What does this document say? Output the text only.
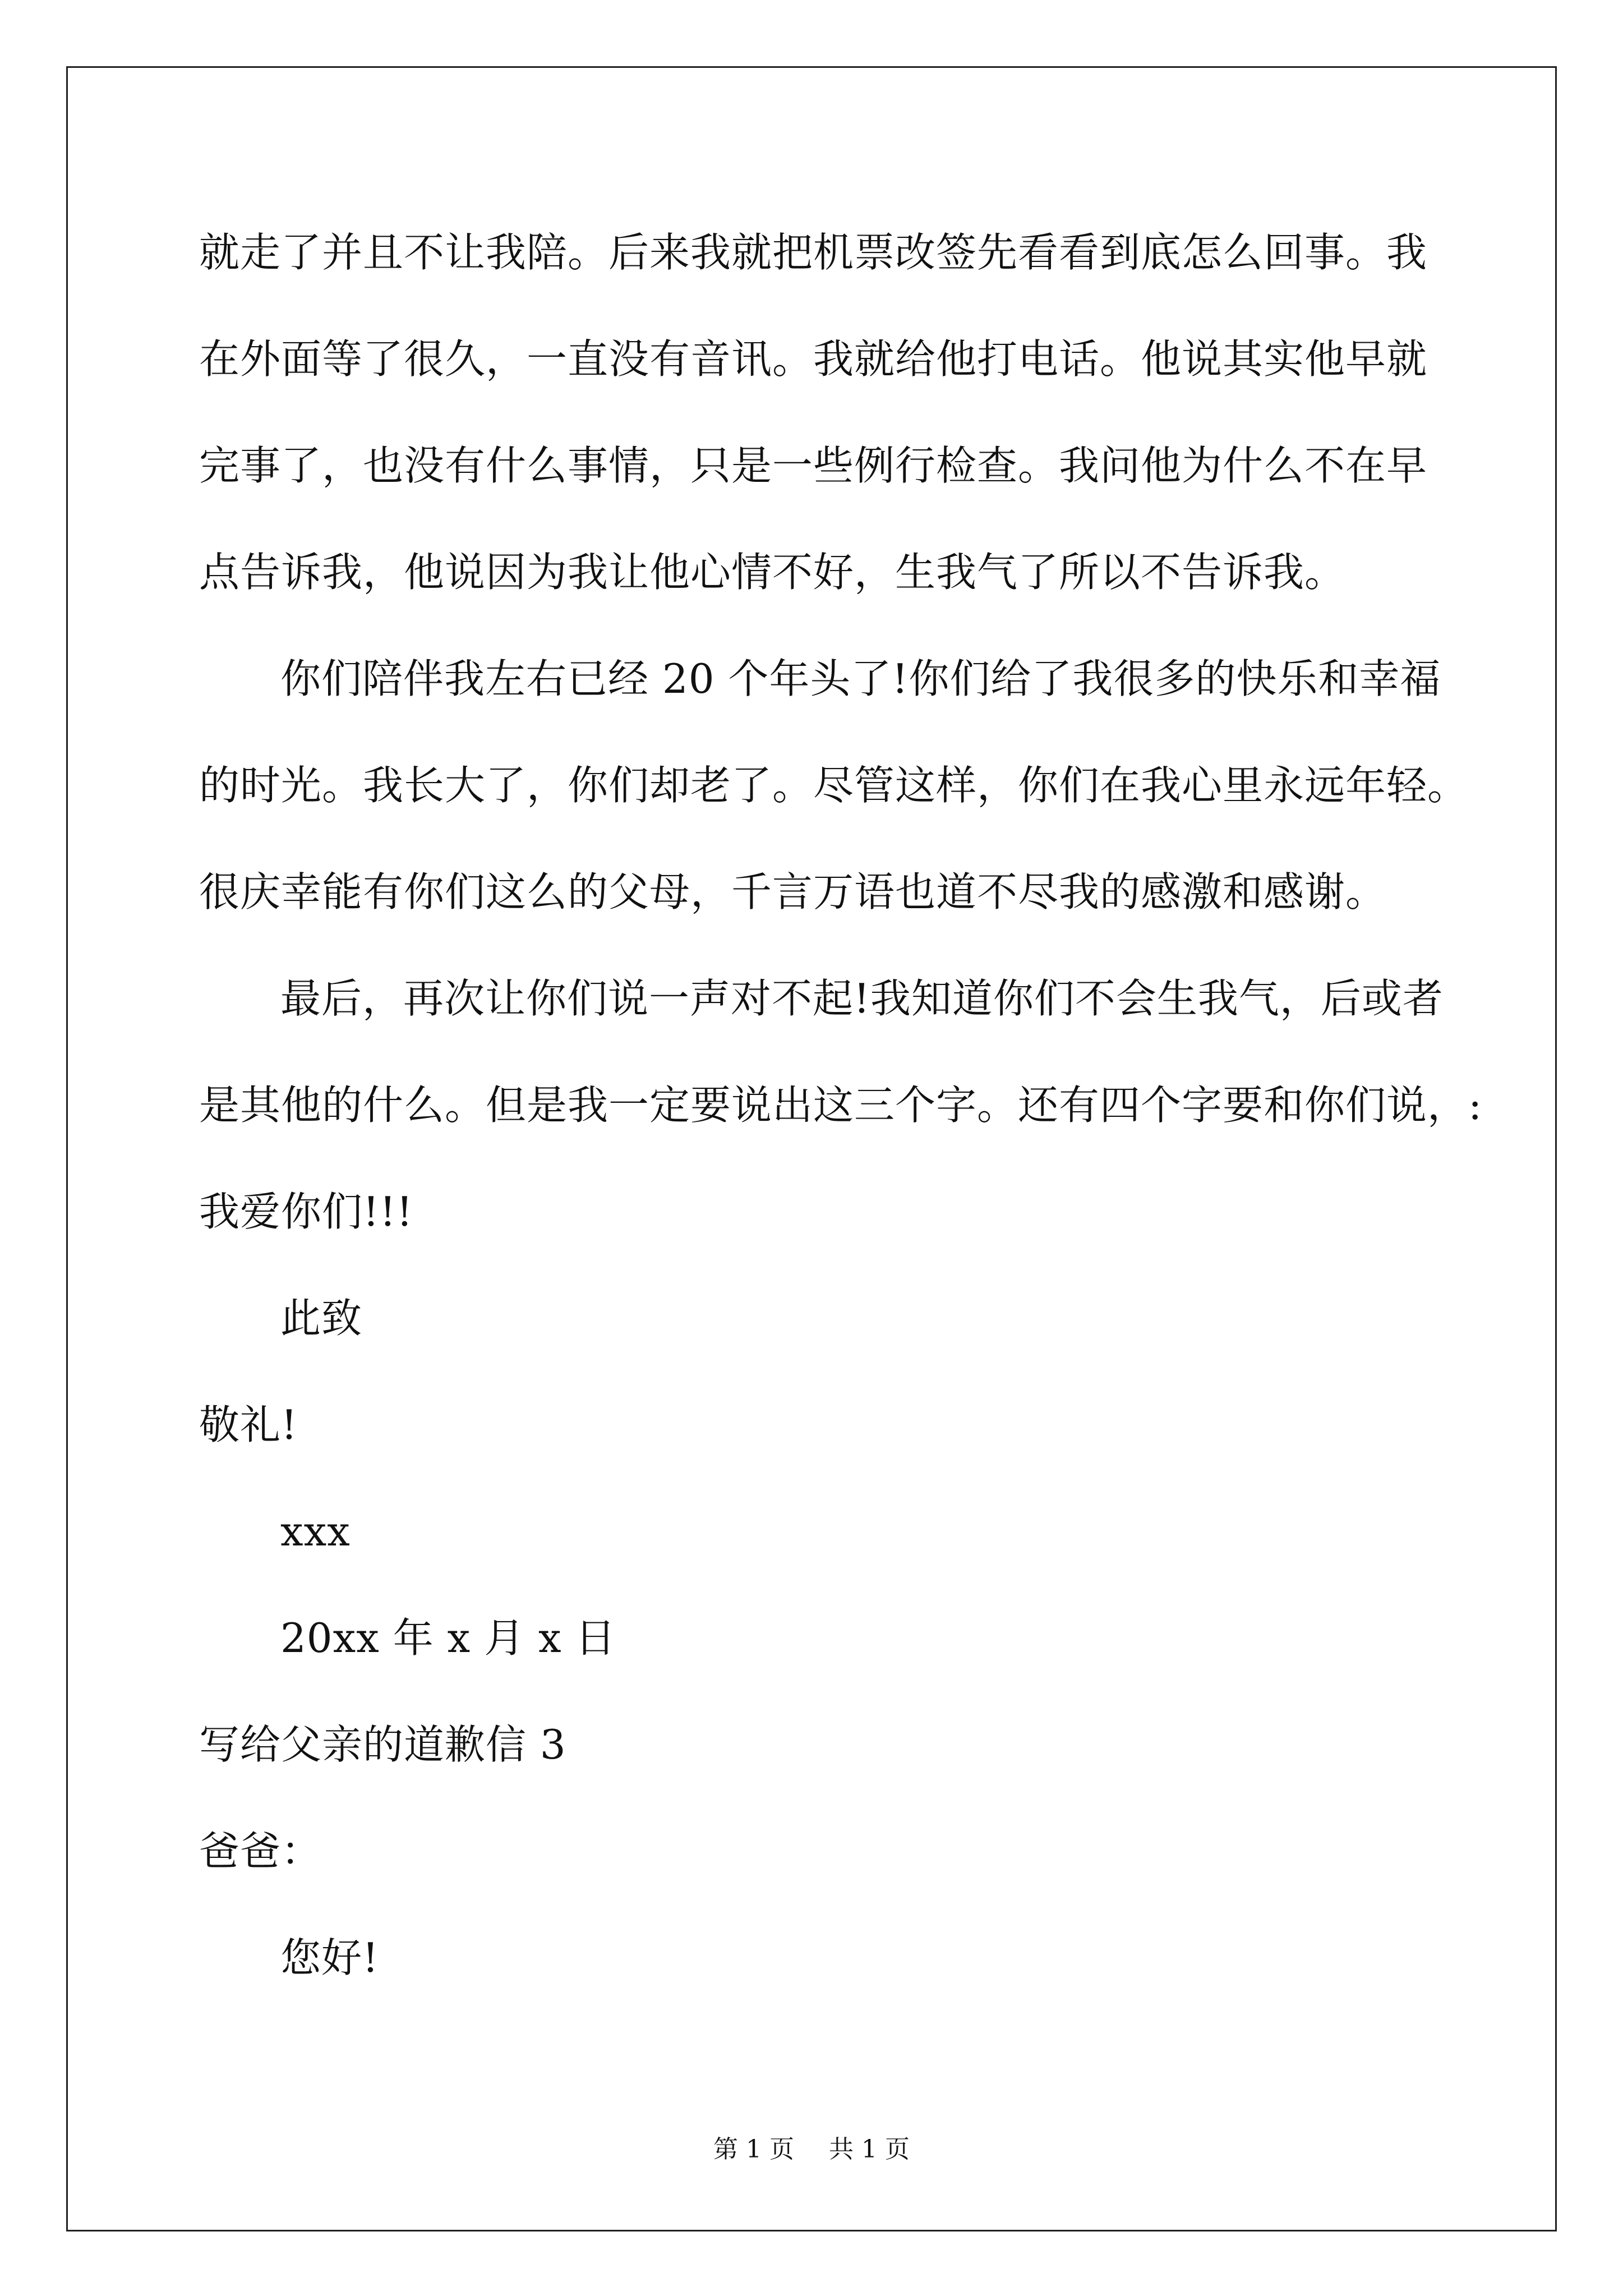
就走了并且不让我陪。后来我就把机票改签先看看到底怎么回事。我
在外面等了很久，一直没有音讯。我就给他打电话。他说其实他早就
完事了，也没有什么事情，只是一些例行检查。我问他为什么不在早
点告诉我，他说因为我让他心情不好，生我气了所以不告诉我。
你们陪伴我左右已经 20 个年头了!你们给了我很多的快乐和幸福
的时光。我长大了，你们却老了。尽管这样，你们在我心里永远年轻。
很庆幸能有你们这么的父母，千言万语也道不尽我的感激和感谢。
最后，再次让你们说一声对不起!我知道你们不会生我气，后或者
是其他的什么。但是我一定要说出这三个字。还有四个字要和你们说，:
我爱你们!!!
此致
敬礼!
xxx
20xx 年 x 月 x 日
写给父亲的道歉信 3
爸爸：
您好!
第 1 页 共 1 页
